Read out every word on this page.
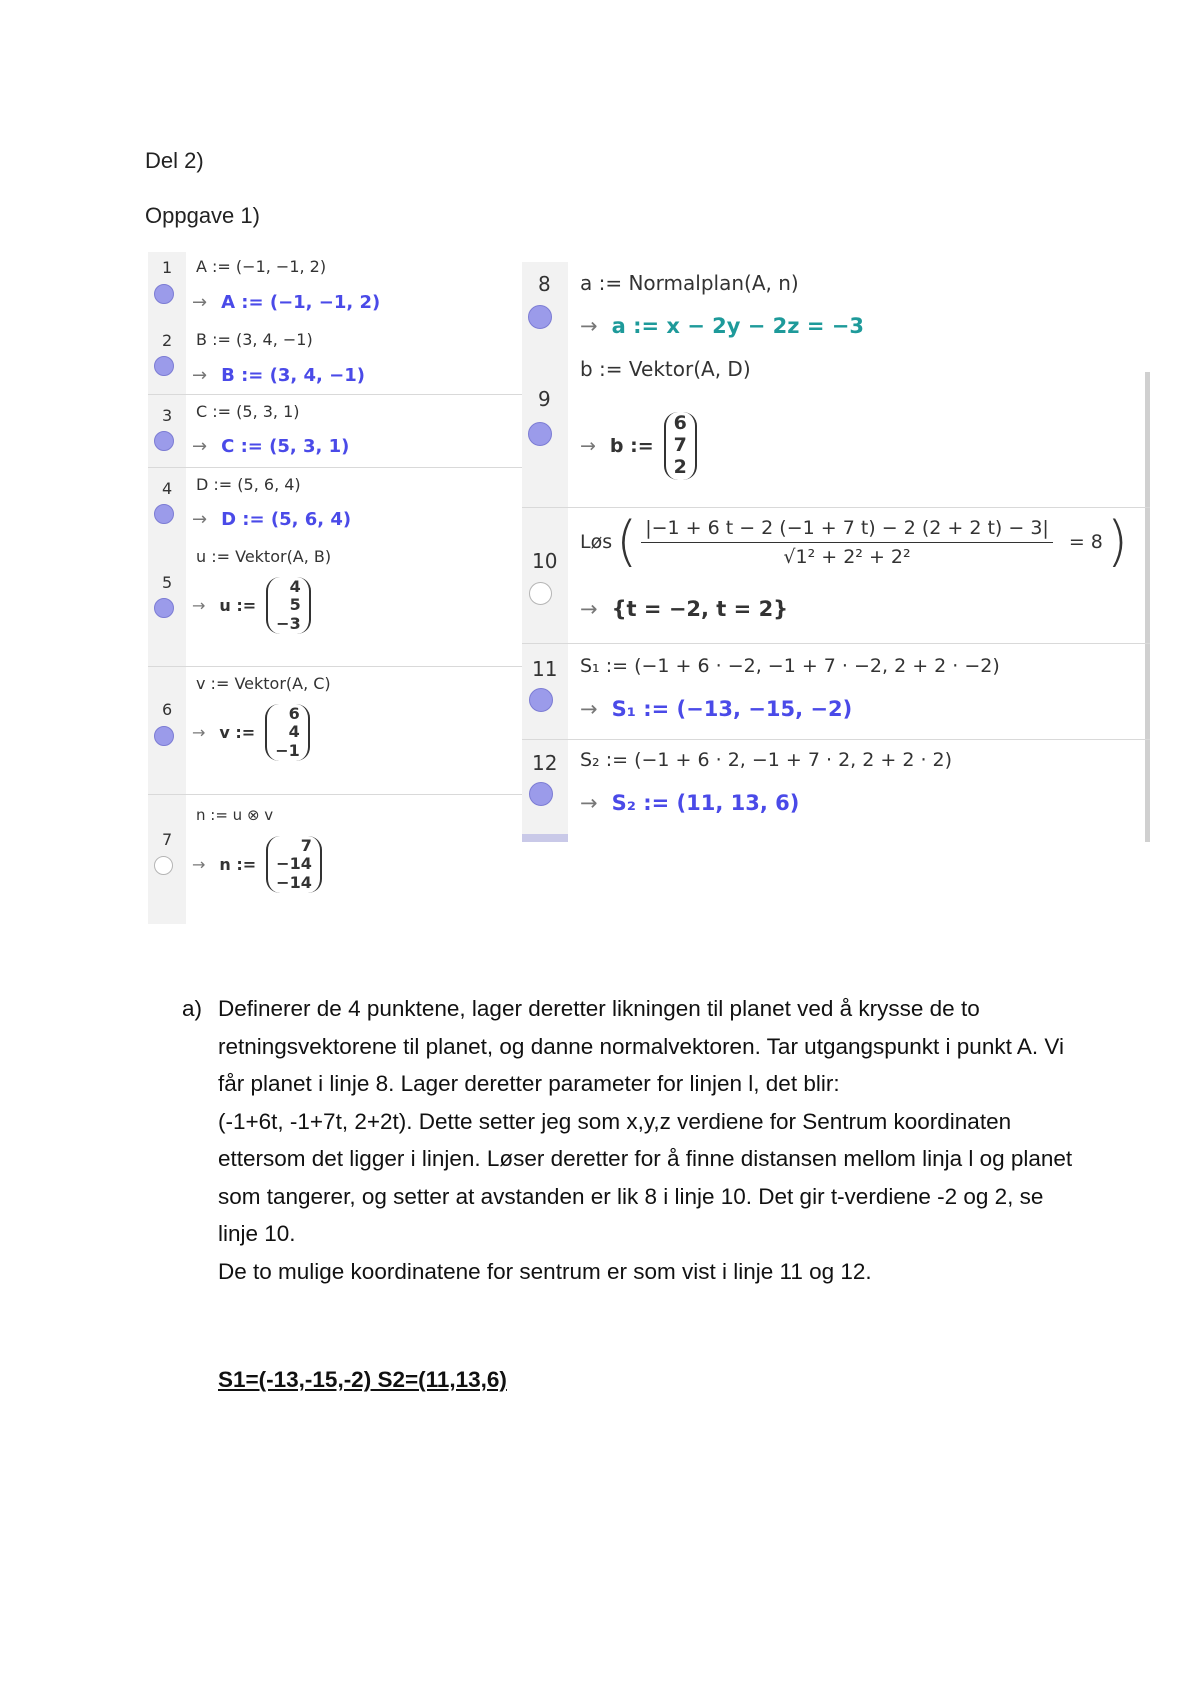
Del 2)
Oppgave 1)
1 A := (−1, −1, 2)
→ A := (−1, −1, 2)
2 B := (3, 4, −1)
→ B := (3, 4, −1)
3 C := (5, 3, 1)
→ C := (5, 3, 1)
4 D := (5, 6, 4)
→ D := (5, 6, 4)
u := Vektor(A, B)
5
→ u :=
4
5
−3
v := Vektor(A, C)
6
→ v :=
6
4
−1
n := u ⊗ v
7
→ n :=
7
−14
−14
8 a := Normalplan(A, n)
→ a := x − 2y − 2z = −3
b := Vektor(A, D)
9
→ b :=
6
7
2
10
Løs ( $\frac{|-1 + 6 t - 2 (-1 + 7 t) - 2 (2 + 2 t) - 3|}{\text{√1² + 2² + 2²}} = 8$ )
→ {t = −2, t = 2}
11 S₁ := (−1 + 6 · −2, −1 + 7 · −2, 2 + 2 · −2)
→ S₁ := (−13, −15, −2)
12 S₂ := (−1 + 6 · 2, −1 + 7 · 2, 2 + 2 · 2)
→ S₂ := (11, 13, 6)
a) Definerer de 4 punktene, lager deretter likningen til planet ved å krysse de to retningsvektorene til planet, og danne normalvektoren. Tar utgangspunkt i punkt A. Vi får planet i linje 8. Lager deretter parameter for linjen l, det blir:

(-1+6t, -1+7t, 2+2t). Dette setter jeg som x,y,z verdiene for Sentrum koordinaten ettersom det ligger i linjen. Løser deretter for å finne distansen mellom linja l og planet som tangerer, og setter at avstanden er lik 8 i linje 10. Det gir t-verdiene -2 og 2, se linje 10.

De to mulige koordinatene for sentrum er som vist i linje 11 og 12.

S1=(-13,-15,-2) S2=(11,13,6)
